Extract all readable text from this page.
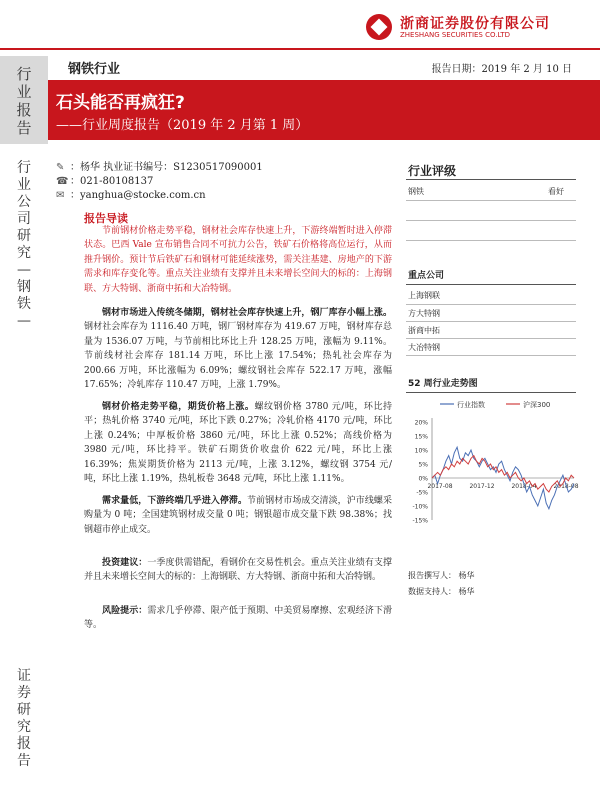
浙商证券股份有限公司
ZHESHANG SECURITIES CO.LTD
行业报告
行业公司研究—钢铁—
证券研究报告
钢铁行业	报告日期：2019 年 2 月 10 日
石头能否再疯狂?
——行业周度报告（2019 年 2 月第 1 周）
✎ ：杨华 执业证书编号：S1230517090001
☎ ：021-80108137
✉ ：yanghua@stocke.com.cn
报告导读

节前钢材价格走势平稳，钢材社会库存快速上升，下游终端暂时进入停滞状态。巴西 Vale 宣布销售合同不可抗力公告，铁矿石价格将高位运行，从而推升钢价。预计节后铁矿石和钢材可能延续涨势，需关注基建、房地产的下游需求和库存变化等。重点关注业绩有支撑并且未来增长空间大的标的：上海钢联、方大特钢、浙商中拓和大冶特钢。

钢材市场进入传统冬储期，钢材社会库存快速上升，钢厂库存小幅上涨。钢材社会库存为 1116.40 万吨，钢厂钢材库存为 419.67 万吨，钢材库存总量为 1536.07 万吨，与节前相比环比上升 128.25 万吨，涨幅为 9.11%。节前线材社会库存 181.14 万吨，环比上涨 17.54%；热轧社会库存为 200.66 万吨，环比涨幅为 6.09%；螺纹钢社会库存 522.17 万吨，涨幅 17.65%；冷轧库存 110.47 万吨，上涨 1.79%。

钢材价格走势平稳，期货价格上涨。螺纹钢价格 3780 元/吨，环比持平；热轧价格 3740 元/吨，环比下跌 0.27%；冷轧价格 4170 元/吨，环比上涨 0.24%；中厚板价格 3860 元/吨，环比上涨 0.52%；高线价格为 3980 元/吨，环比持平。铁矿石期货价收盘价 622 元/吨，环比上涨 16.39%；焦炭期货价格为 2113 元/吨，上涨 3.12%，螺纹钢 3754 元/吨，环比上涨 1.19%，热轧板卷 3648 元/吨，环比上涨 1.11%。

需求量低，下游终端几乎进入停滞。节前钢材市场成交清淡，沪市线螺采购量为 0 吨；全国建筑钢材成交量 0 吨；钢银超市成交量下跌 98.38%；找钢超市停止成交。

投资建议：一季度供需错配，看钢价在交易性机会。重点关注业绩有支撑并且未来增长空间大的标的：上海钢联、方大特钢、浙商中拓和大冶特钢。

风险提示：需求几乎停滞、限产低于预期、中美贸易摩擦、宏观经济下滑等。

行业评级
钢铁	看好
重点公司
上海钢联
方大特钢
浙商中拓
大冶特钢
52 周行业走势图
行业指数	沪深300
20%
15%
10%
5%
0%
-5%
-10%
-15%
2017-08	2017-12	2018-04	2018-08
报告撰写人： 杨华
数据支持人： 杨华
